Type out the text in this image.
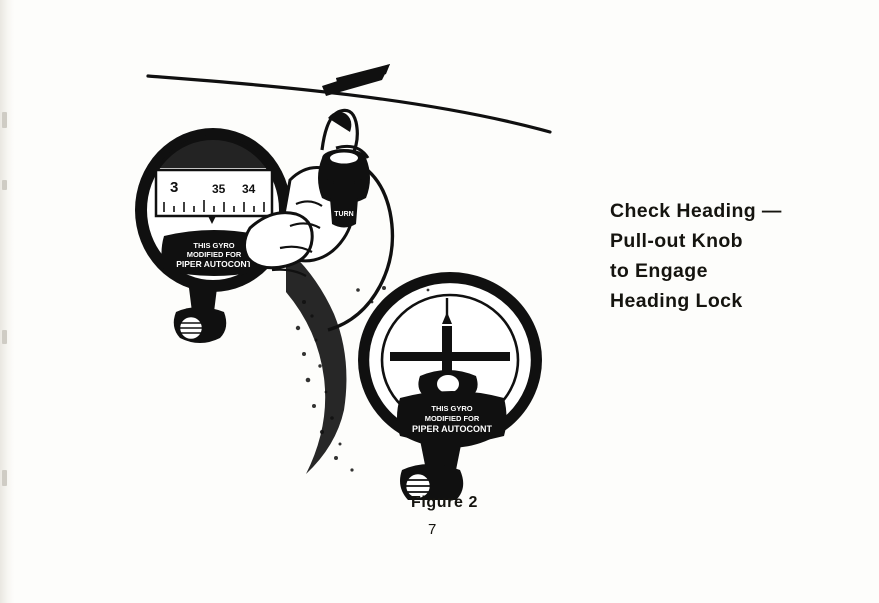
3	35 34
THIS GYRO
MODIFIED FOR
PIPER AUTOCONT
TURN
THIS GYRO
MODIFIED FOR
PIPER AUTOCONT
Check Heading —
Pull-out Knob
to Engage
Heading Lock
Figure 2
7
